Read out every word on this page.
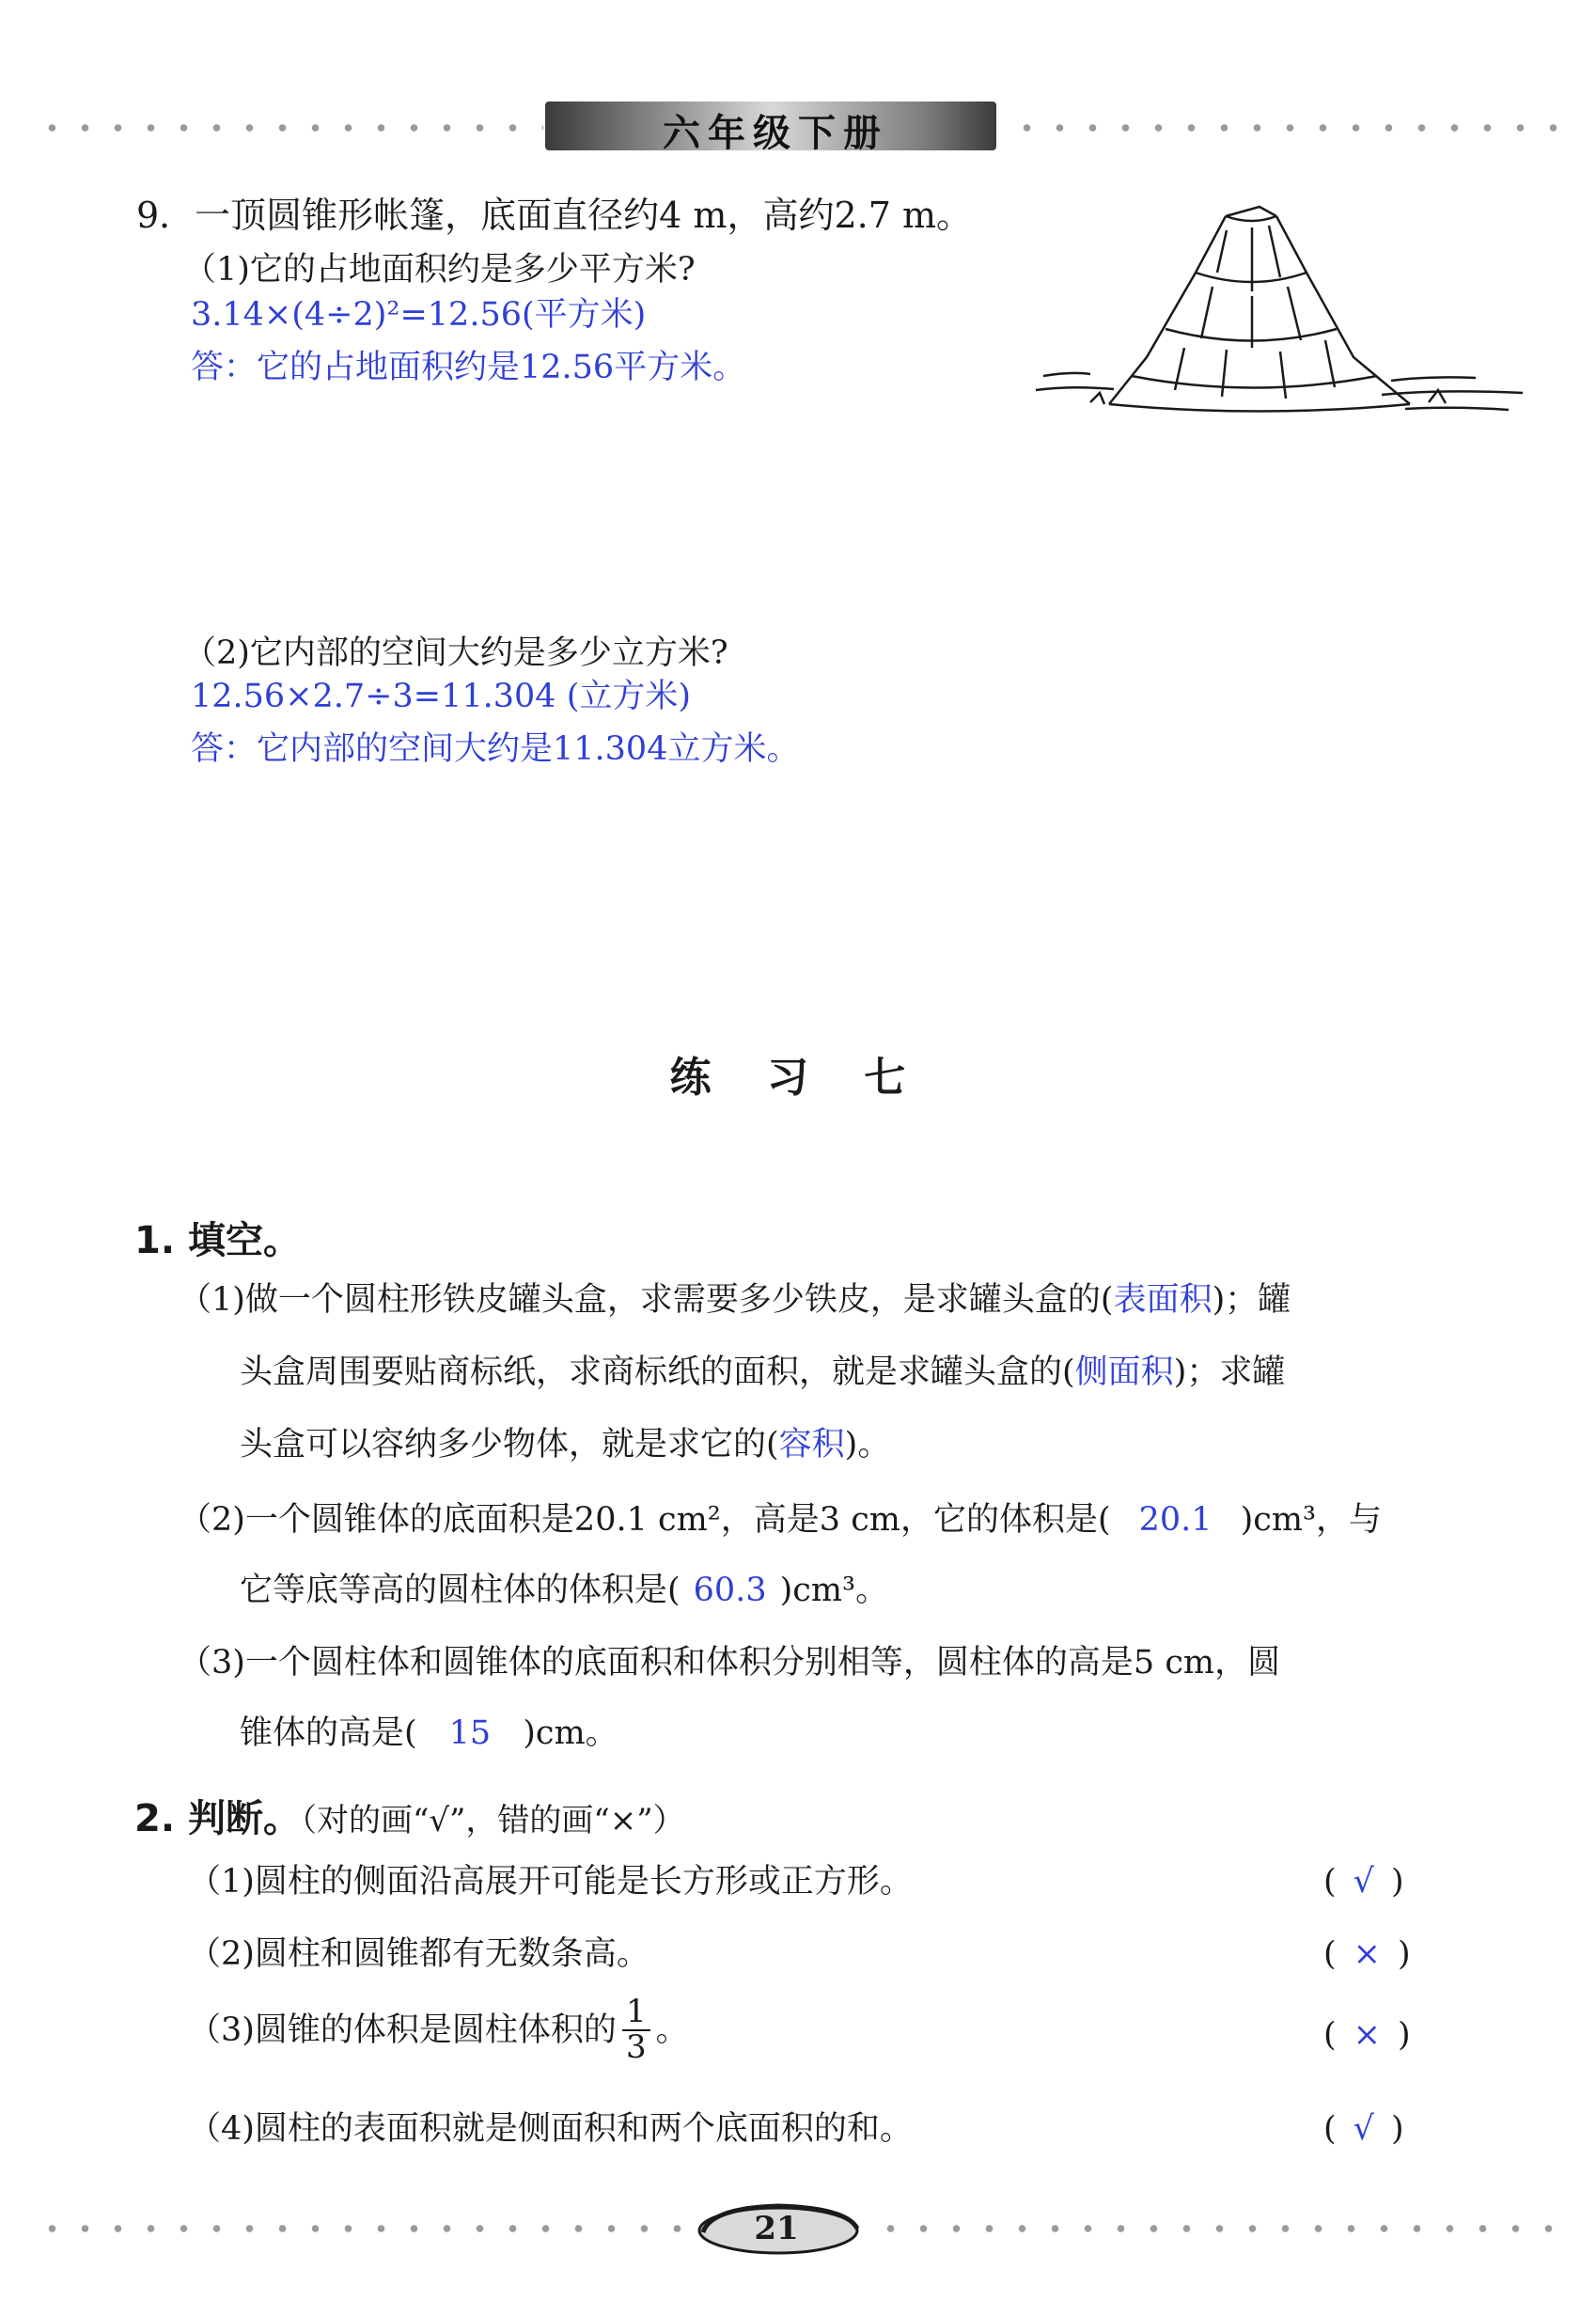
六年级下册
9．一顶圆锥形帐篷，底面直径约4 m，高约2.7 m。
（1)它的占地面积约是多少平方米?
3.14×(4÷2)²=12.56(平方米)
答：它的占地面积约是12.56平方米。
（2)它内部的空间大约是多少立方米?
12.56×2.7÷3=11.304 (立方米)
答：它内部的空间大约是11.304立方米。
练 习 七
1. 填空。
（1)做一个圆柱形铁皮罐头盒，求需要多少铁皮，是求罐头盒的(表面积)；罐
头盒周围要贴商标纸，求商标纸的面积，就是求罐头盒的(侧面积)；求罐
头盒可以容纳多少物体，就是求它的(容积)。
（2)一个圆锥体的底面积是20.1 cm²，高是3 cm，它的体积是( 20.1 )cm³，与
它等底等高的圆柱体的体积是( 60.3 )cm³。
（3)一个圆柱体和圆锥体的底面积和体积分别相等，圆柱体的高是5 cm，圆
锥体的高是( 15 )cm。
2. 判断。（对的画“√”，错的画“×”）
（1)圆柱的侧面沿高展开可能是长方形或正方形。	( √ )
（2)圆柱和圆锥都有无数条高。	( × )
（3)圆锥的体积是圆柱体积的 $\frac{1}{3}$ 。	( × )
（4)圆柱的表面积就是侧面积和两个底面积的和。	( √ )
21
